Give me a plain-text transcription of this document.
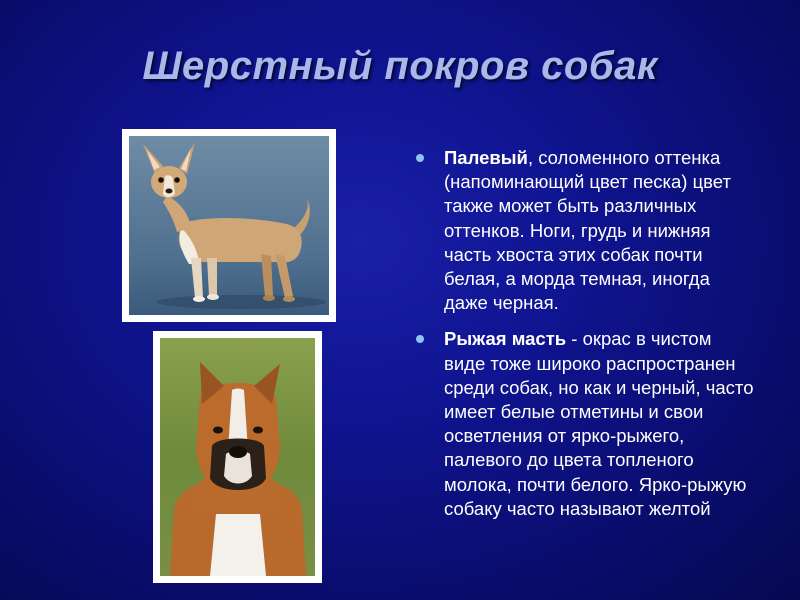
Шерстный покров собак
Палевый, соломенного оттенка (напоминающий цвет песка) цвет также может быть различных оттенков. Ноги, грудь и нижняя часть хвоста этих собак почти белая, а морда темная, иногда даже черная.
Рыжая масть - окрас в чистом виде тоже широко распространен среди собак, но как и черный, часто имеет белые отметины и свои осветления от ярко-рыжего, палевого до цвета топленого молока, почти белого. Ярко-рыжую собаку часто называют желтой
